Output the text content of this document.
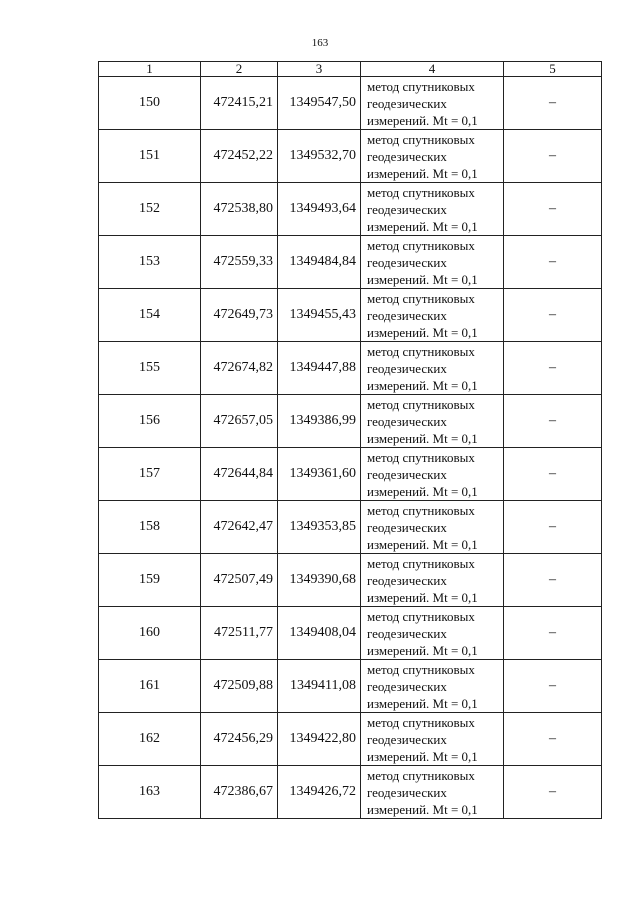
163
1	2	3	4	5
150	472415,21	1349547,50	метод спутниковых
геодезических
измерений. Mt = 0,1	–
151	472452,22	1349532,70	метод спутниковых
геодезических
измерений. Mt = 0,1	–
152	472538,80	1349493,64	метод спутниковых
геодезических
измерений. Mt = 0,1	–
153	472559,33	1349484,84	метод спутниковых
геодезических
измерений. Mt = 0,1	–
154	472649,73	1349455,43	метод спутниковых
геодезических
измерений. Mt = 0,1	–
155	472674,82	1349447,88	метод спутниковых
геодезических
измерений. Mt = 0,1	–
156	472657,05	1349386,99	метод спутниковых
геодезических
измерений. Mt = 0,1	–
157	472644,84	1349361,60	метод спутниковых
геодезических
измерений. Mt = 0,1	–
158	472642,47	1349353,85	метод спутниковых
геодезических
измерений. Mt = 0,1	–
159	472507,49	1349390,68	метод спутниковых
геодезических
измерений. Mt = 0,1	–
160	472511,77	1349408,04	метод спутниковых
геодезических
измерений. Mt = 0,1	–
161	472509,88	1349411,08	метод спутниковых
геодезических
измерений. Mt = 0,1	–
162	472456,29	1349422,80	метод спутниковых
геодезических
измерений. Mt = 0,1	–
163	472386,67	1349426,72	метод спутниковых
геодезических
измерений. Mt = 0,1	–
